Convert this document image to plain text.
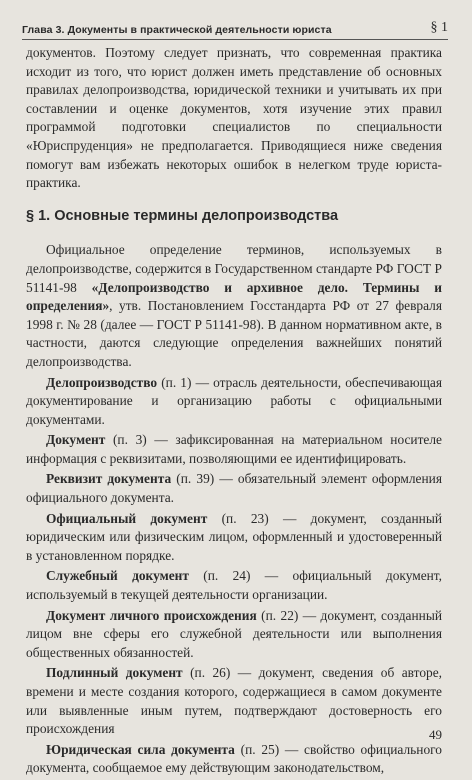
Глава 3. Документы в практической деятельности юриста	§ 1

документов. Поэтому следует признать, что современная практика исходит из того, что юрист должен иметь представление об основных правилах делопроизводства, юридической техники и учитывать их при составлении и оценке документов, хотя изучение этих правил программой подготовки специалистов по специальности «Юриспруденция» не предполагается. Приводящиеся ниже сведения помогут вам избежать некоторых ошибок в нелегком труде юриста-практика.

§ 1. Основные термины делопроизводства

Официальное определение терминов, используемых в делопроизводстве, содержится в Государственном стандарте РФ ГОСТ Р 51141-98 «Делопроизводство и архивное дело. Термины и определения», утв. Постановлением Госстандарта РФ от 27 февраля 1998 г. № 28 (далее — ГОСТ Р 51141-98). В данном нормативном акте, в частности, даются следующие определения важнейших понятий делопроизводства.

Делопроизводство (п. 1) — отрасль деятельности, обеспечивающая документирование и организацию работы с официальными документами.

Документ (п. 3) — зафиксированная на материальном носителе информация с реквизитами, позволяющими ее идентифицировать.

Реквизит документа (п. 39) — обязательный элемент оформления официального документа.

Официальный документ (п. 23) — документ, созданный юридическим или физическим лицом, оформленный и удостоверенный в установленном порядке.

Служебный документ (п. 24) — официальный документ, используемый в текущей деятельности организации.

Документ личного происхождения (п. 22) — документ, созданный лицом вне сферы его служебной деятельности или выполнения общественных обязанностей.

Подлинный документ (п. 26) — документ, сведения об авторе, времени и месте создания которого, содержащиеся в самом документе или выявленные иным путем, подтверждают достоверность его происхождения

Юридическая сила документа (п. 25) — свойство официального документа, сообщаемое ему действующим законодательством,

49
